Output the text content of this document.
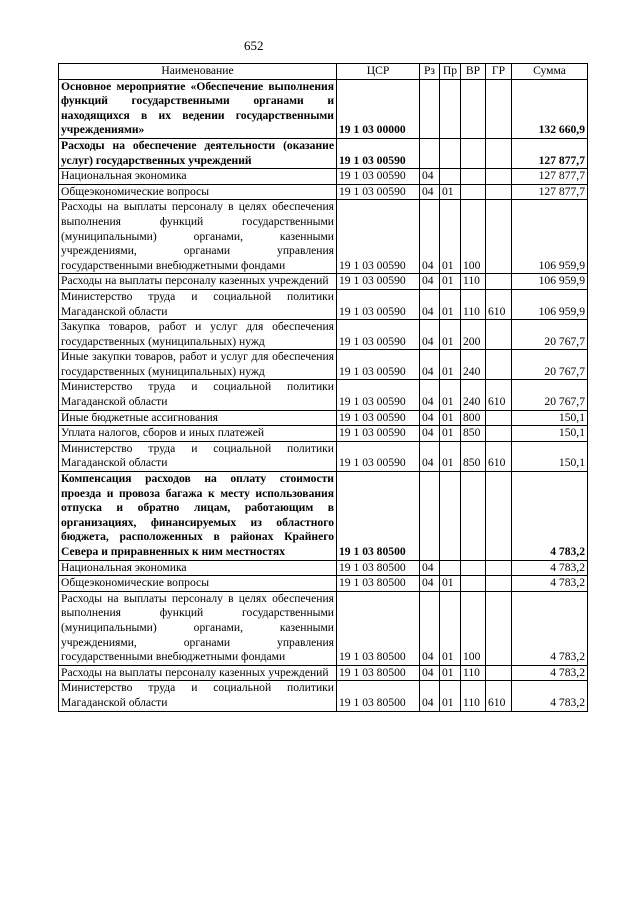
652
Наименование	ЦСР	Рз	Пр	ВР	ГР	Сумма
Основное мероприятие «Обеспечение выполнения функций государственными органами и находящихся в их ведении государственными учреждениями»	19 1 03 00000					132 660,9
Расходы на обеспечение деятельности (оказание услуг) государственных учреждений	19 1 03 00590					127 877,7
Национальная экономика	19 1 03 00590	04				127 877,7
Общеэкономические вопросы	19 1 03 00590	04	01			127 877,7
Расходы на выплаты персоналу в целях обеспечения выполнения функций государственными (муниципальными) органами, казенными учреждениями, органами управления государственными внебюджетными фондами	19 1 03 00590	04	01	100		106 959,9
Расходы на выплаты персоналу казенных учреждений	19 1 03 00590	04	01	110		106 959,9
Министерство труда и социальной политики Магаданской области	19 1 03 00590	04	01	110	610	106 959,9
Закупка товаров, работ и услуг для обеспечения государственных (муниципальных) нужд	19 1 03 00590	04	01	200		20 767,7
Иные закупки товаров, работ и услуг для обеспечения государственных (муниципальных) нужд	19 1 03 00590	04	01	240		20 767,7
Министерство труда и социальной политики Магаданской области	19 1 03 00590	04	01	240	610	20 767,7
Иные бюджетные ассигнования	19 1 03 00590	04	01	800		150,1
Уплата налогов, сборов и иных платежей	19 1 03 00590	04	01	850		150,1
Министерство труда и социальной политики Магаданской области	19 1 03 00590	04	01	850	610	150,1
Компенсация расходов на оплату стоимости проезда и провоза багажа к месту использования отпуска и обратно лицам, работающим в организациях, финансируемых из областного бюджета, расположенных в районах Крайнего Севера и приравненных к ним местностях	19 1 03 80500					4 783,2
Национальная экономика	19 1 03 80500	04				4 783,2
Общеэкономические вопросы	19 1 03 80500	04	01			4 783,2
Расходы на выплаты персоналу в целях обеспечения выполнения функций государственными (муниципальными) органами, казенными учреждениями, органами управления государственными внебюджетными фондами	19 1 03 80500	04	01	100		4 783,2
Расходы на выплаты персоналу казенных учреждений	19 1 03 80500	04	01	110		4 783,2
Министерство труда и социальной политики Магаданской области	19 1 03 80500	04	01	110	610	4 783,2
